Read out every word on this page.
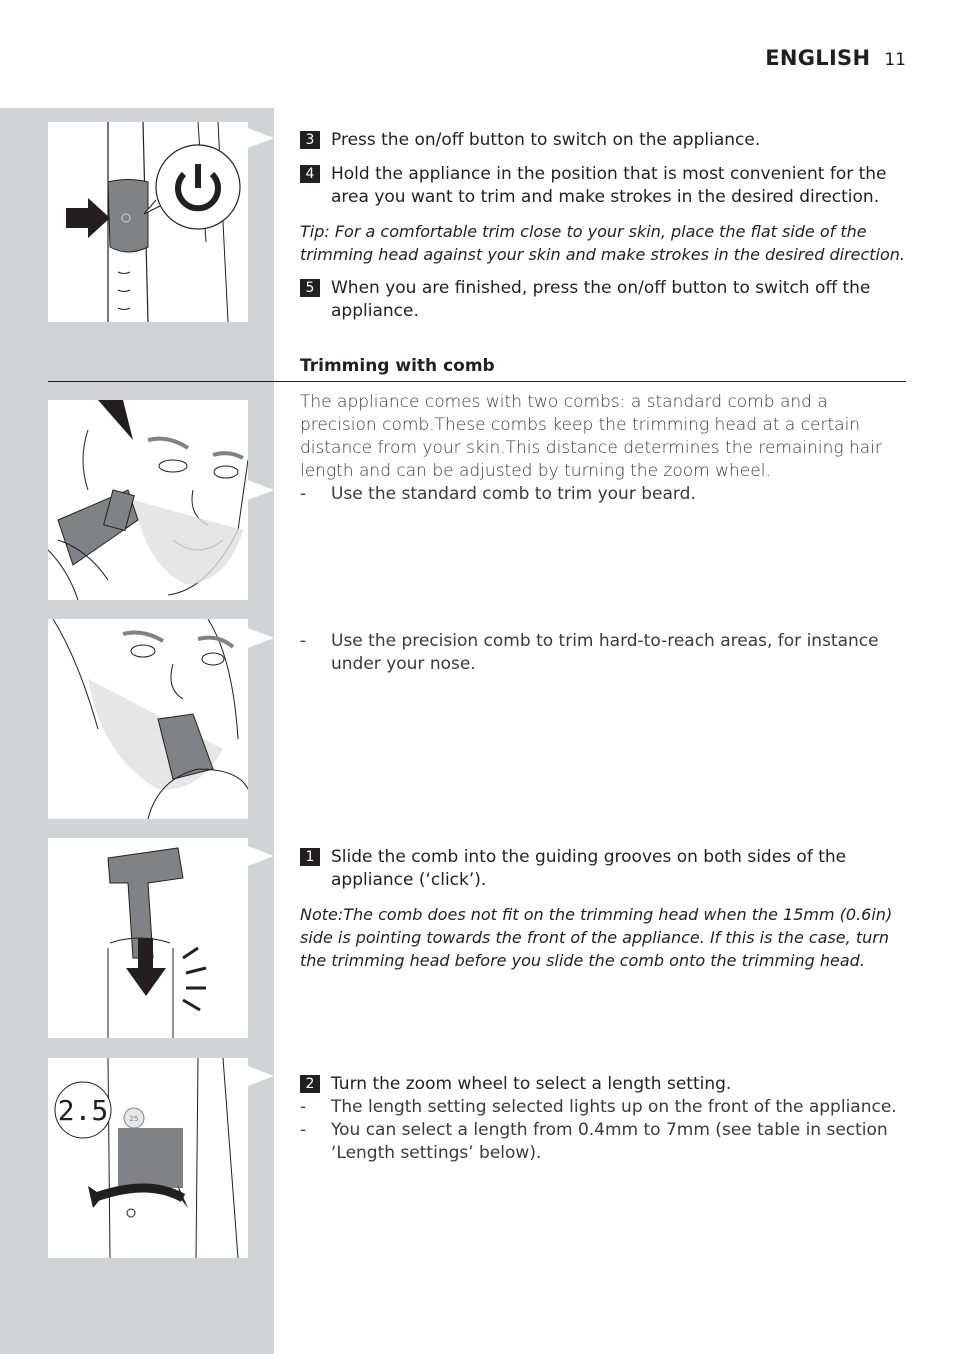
ENGLISH 11
2.5	25
3 Press the on/off button to switch on the appliance.
4 Hold the appliance in the position that is most convenient for the area you want to trim and make strokes in the desired direction.
Tip: For a comfortable trim close to your skin, place the flat side of the trimming head against your skin and make strokes in the desired direction.
5 When you are finished, press the on/off button to switch off the appliance.
Trimming with comb
The appliance comes with two combs: a standard comb and a precision comb.These combs keep the trimming head at a certain distance from your skin.This distance determines the remaining hair length and can be adjusted by turning the zoom wheel.
-	Use the standard comb to trim your beard.
-	Use the precision comb to trim hard-to-reach areas, for instance under your nose.
1 Slide the comb into the guiding grooves on both sides of the appliance (‘click’).
Note:The comb does not fit on the trimming head when the 15mm (0.6in) side is pointing towards the front of the appliance. If this is the case, turn the trimming head before you slide the comb onto the trimming head.
2 Turn the zoom wheel to select a length setting.
-	The length setting selected lights up on the front of the appliance.
-	You can select a length from 0.4mm to 7mm (see table in section ‘Length settings’ below).
